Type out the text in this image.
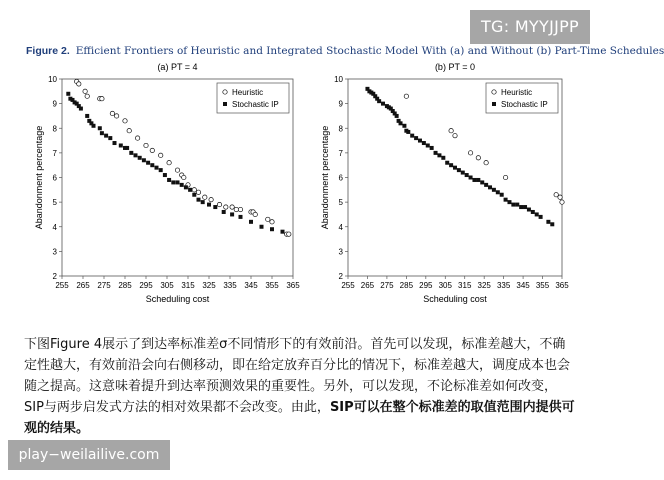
TG: MYYJJPP
Figure 2. Efficient Frontiers of Heuristic and Integrated Stochastic Model With (a) and Without (b) Part-Time Schedules
(a) PT = 4
255 265 275 285 295 305 315 325 335 345 355 365
2
3
4
5
6
7
8
9
10
Scheduling cost
Abandonment percentage
Heuristic
Stochastic IP
(b) PT = 0
255 265 275 285 295 305 315 325 335 345 355 365
2
3
4
5
6
7
8
9
10
Scheduling cost
Abandonment percentage
Heuristic
Stochastic IP
下图Figure 4展示了到达率标准差σ不同情形下的有效前沿。首先可以发现，标准差越大，不确定性越大，有效前沿会向右侧移动，即在给定放弃百分比的情况下，标准差越大，调度成本也会随之提高。这意味着提升到达率预测效果的重要性。另外，可以发现，不论标准差如何改变，SIP与两步启发式方法的相对效果都不会改变。由此，SIP可以在整个标准差的取值范围内提供可观的结果。
play−weilailive.com
